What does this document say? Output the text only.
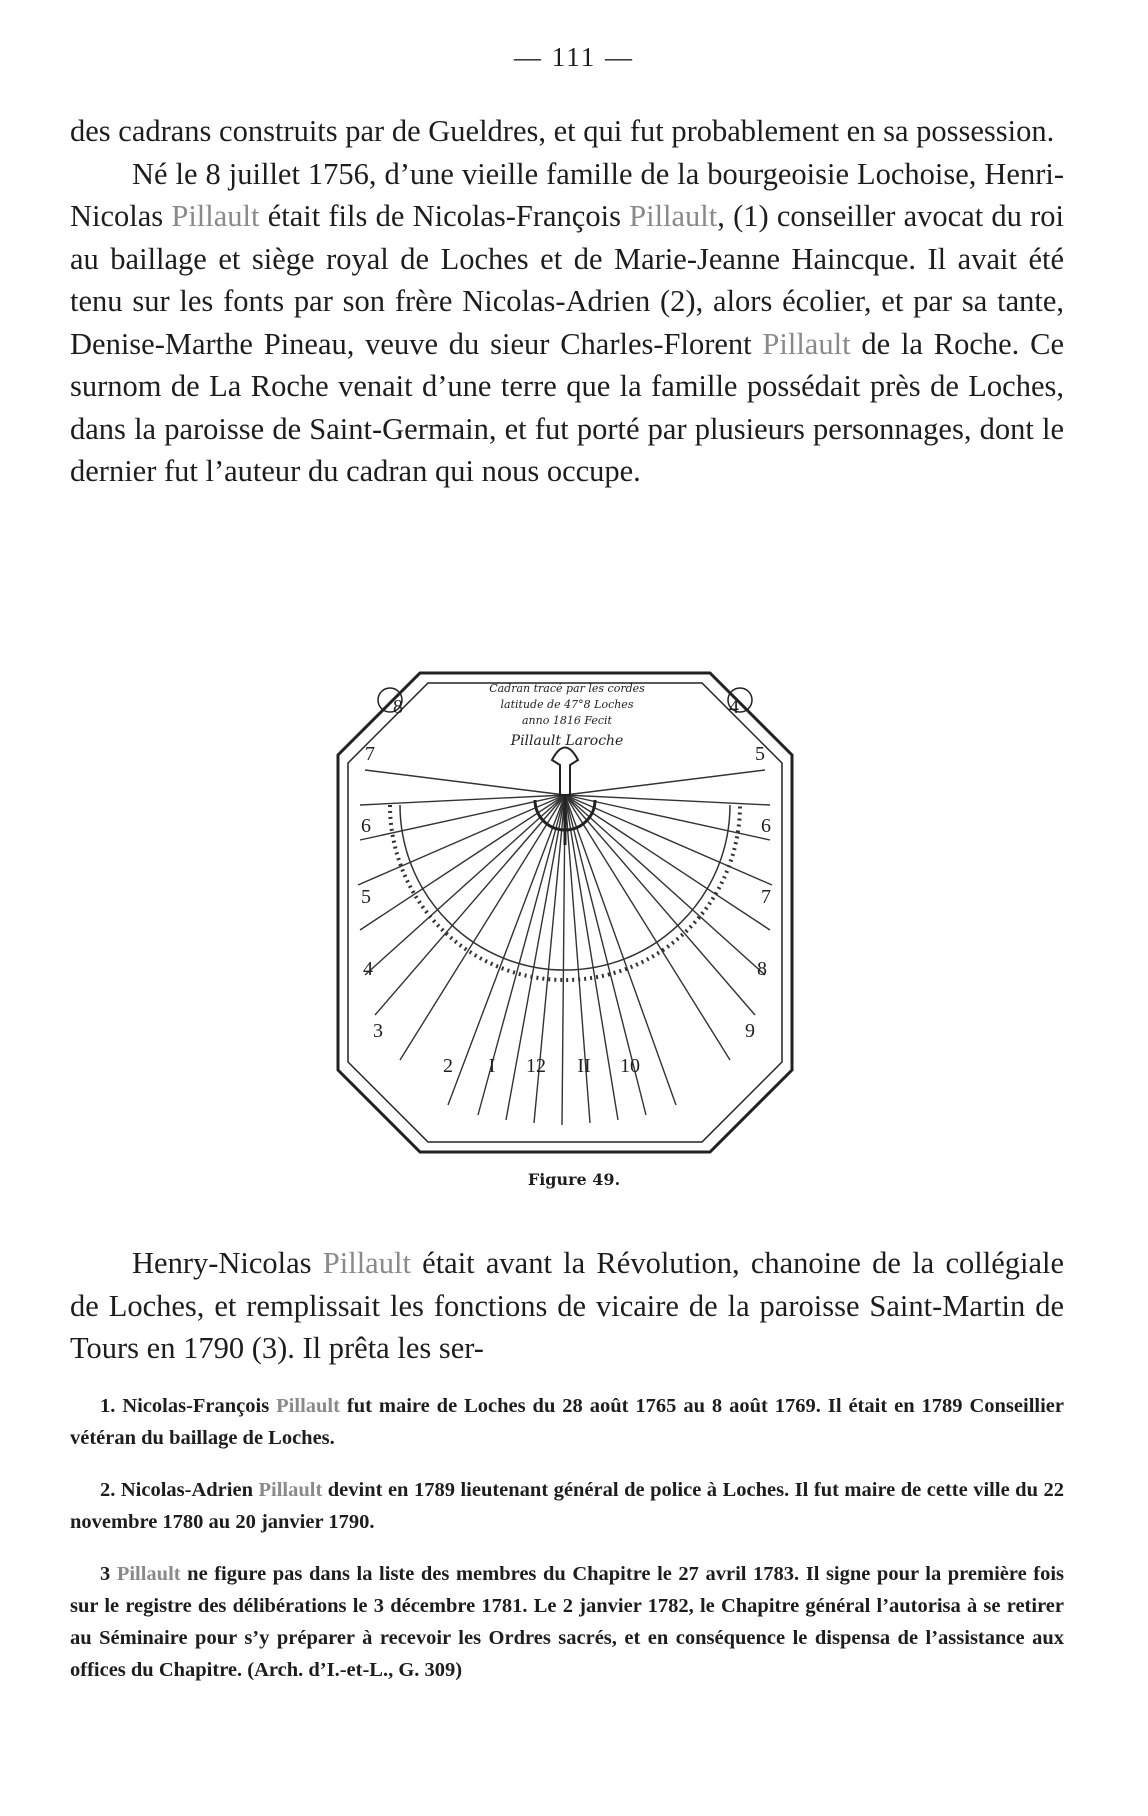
— 111 —

des cadrans construits par de Gueldres, et qui fut probablement en sa possession.

Né le 8 juillet 1756, d’une vieille famille de la bourgeoisie Lochoise, Henri-Nicolas Pillault était fils de Nicolas-François Pillault, (1) conseiller avocat du roi au baillage et siège royal de Loches et de Marie-Jeanne Haincque. Il avait été tenu sur les fonts par son frère Nicolas-Adrien (2), alors écolier, et par sa tante, Denise-Marthe Pineau, veuve du sieur Charles-Florent Pillault de la Roche. Ce surnom de La Roche venait d’une terre que la famille possédait près de Loches, dans la paroisse de Saint-Germain, et fut porté par plusieurs personnages, dont le dernier fut l’auteur du cadran qui nous occupe.

Cadran tracé par les cordes
latitude de 47°8 Loches
anno 1816 Fecit
Pillault Laroche
8
7
6
5
4
3
4
5
6
7
8
9
2 I 12 II 10
Figure 49.

Henry-Nicolas Pillault était avant la Révolution, chanoine de la collégiale de Loches, et remplissait les fonctions de vicaire de la paroisse Saint-Martin de Tours en 1790 (3). Il prêta les ser-

1. Nicolas-François Pillault fut maire de Loches du 28 août 1765 au 8 août 1769. Il était en 1789 Conseillier vétéran du baillage de Loches.

2. Nicolas-Adrien Pillault devint en 1789 lieutenant général de police à Loches. Il fut maire de cette ville du 22 novembre 1780 au 20 janvier 1790.

3 Pillault ne figure pas dans la liste des membres du Chapitre le 27 avril 1783. Il signe pour la première fois sur le registre des délibérations le 3 décembre 1781. Le 2 janvier 1782, le Chapitre général l’autorisa à se retirer au Séminaire pour s’y préparer à recevoir les Ordres sacrés, et en conséquence le dispensa de l’assistance aux offices du Chapitre. (Arch. d’I.-et-L., G. 309)
